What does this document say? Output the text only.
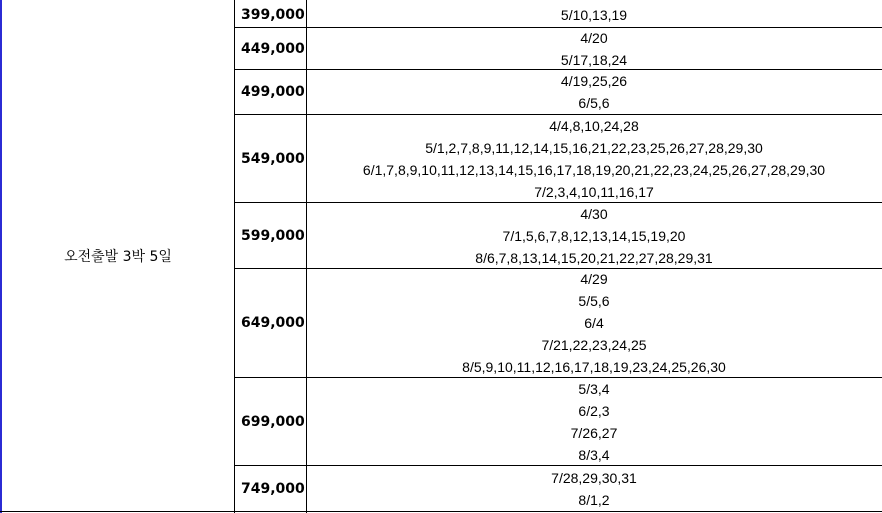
오전출발 3박 5일
399,000	5/10,13,19
449,000
4/20
5/17,18,24
499,000
4/19,25,26
6/5,6
549,000
4/4,8,10,24,28
5/1,2,7,8,9,11,12,14,15,16,21,22,23,25,26,27,28,29,30
6/1,7,8,9,10,11,12,13,14,15,16,17,18,19,20,21,22,23,24,25,26,27,28,29,30
7/2,3,4,10,11,16,17
599,000
4/30
7/1,5,6,7,8,12,13,14,15,19,20
8/6,7,8,13,14,15,20,21,22,27,28,29,31
649,000
4/29
5/5,6
6/4
7/21,22,23,24,25
8/5,9,10,11,12,16,17,18,19,23,24,25,26,30
699,000
5/3,4
6/2,3
7/26,27
8/3,4
749,000
7/28,29,30,31
8/1,2
